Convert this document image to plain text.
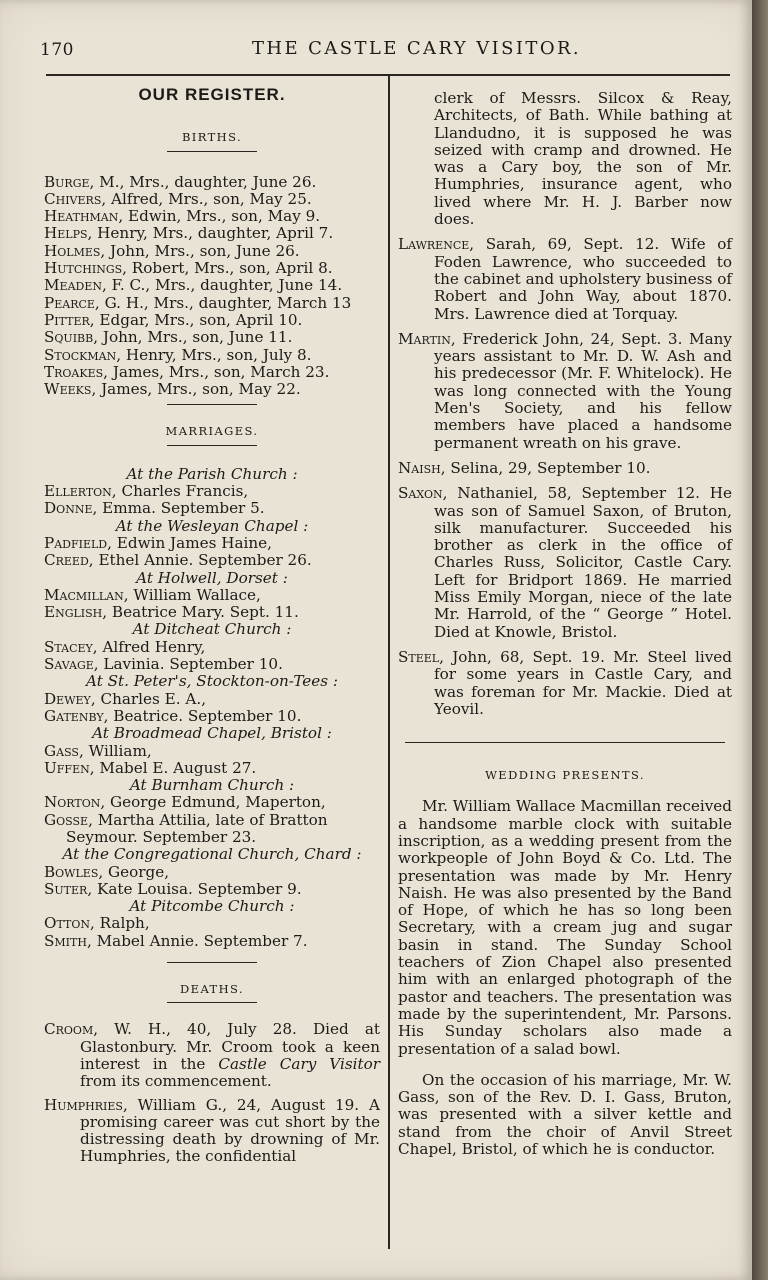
170	THE CASTLE CARY VISITOR.
OUR REGISTER.
BIRTHS.

Burge, M., Mrs., daughter, June 26.

Chivers, Alfred, Mrs., son, May 25.

Heathman, Edwin, Mrs., son, May 9.

Helps, Henry, Mrs., daughter, April 7.

Holmes, John, Mrs., son, June 26.

Hutchings, Robert, Mrs., son, April 8.

Meaden, F. C., Mrs., daughter, June 14.

Pearce, G. H., Mrs., daughter, March 13

Pitter, Edgar, Mrs., son, April 10.

Squibb, John, Mrs., son, June 11.

Stockman, Henry, Mrs., son, July 8.

Troakes, James, Mrs., son, March 23.

Weeks, James, Mrs., son, May 22.

MARRIAGES.

At the Parish Church :

Ellerton, Charles Francis,

Donne, Emma. September 5.

At the Wesleyan Chapel :

Padfield, Edwin James Haine,

Creed, Ethel Annie. September 26.

At Holwell, Dorset :

Macmillan, William Wallace,

English, Beatrice Mary. Sept. 11.

At Ditcheat Church :

Stacey, Alfred Henry,

Savage, Lavinia. September 10.

At St. Peter's, Stockton-on-Tees :

Dewey, Charles E. A.,

Gatenby, Beatrice. September 10.

At Broadmead Chapel, Bristol :

Gass, William,

Uffen, Mabel E. August 27.

At Burnham Church :

Norton, George Edmund, Maperton,

Gosse, Martha Attilia, late of Bratton Seymour. September 23.

At the Congregational Church, Chard :

Bowles, George,

Suter, Kate Louisa. September 9.

At Pitcombe Church :

Otton, Ralph,

Smith, Mabel Annie. September 7.

DEATHS.

Croom, W. H., 40, July 28. Died at Glastonbury. Mr. Croom took a keen interest in the Castle Cary Visitor from its commencement.

Humphries, William G., 24, August 19. A promising career was cut short by the distressing death by drowning of Mr. Humphries, the confidential

clerk of Messrs. Silcox & Reay, Architects, of Bath. While bathing at Llandudno, it is supposed he was seized with cramp and drowned. He was a Cary boy, the son of Mr. Humphries, insurance agent, who lived where Mr. H. J. Barber now does.

Lawrence, Sarah, 69, Sept. 12. Wife of Foden Lawrence, who succeeded to the cabinet and upholstery business of Robert and John Way, about 1870. Mrs. Lawrence died at Torquay.

Martin, Frederick John, 24, Sept. 3. Many years assistant to Mr. D. W. Ash and his predecessor (Mr. F. Whitelock). He was long connected with the Young Men's Society, and his fellow members have placed a handsome permanent wreath on his grave.

Naish, Selina, 29, September 10.

Saxon, Nathaniel, 58, September 12. He was son of Samuel Saxon, of Bruton, silk manufacturer. Succeeded his brother as clerk in the office of Charles Russ, Solicitor, Castle Cary. Left for Bridport 1869. He married Miss Emily Morgan, niece of the late Mr. Harrold, of the “ George ” Hotel. Died at Knowle, Bristol.

Steel, John, 68, Sept. 19. Mr. Steel lived for some years in Castle Cary, and was foreman for Mr. Mackie. Died at Yeovil.

WEDDING PRESENTS.

Mr. William Wallace Macmillan received a handsome marble clock with suitable inscription, as a wedding present from the workpeople of John Boyd & Co. Ltd. The presentation was made by Mr. Henry Naish. He was also presented by the Band of Hope, of which he has so long been Secretary, with a cream jug and sugar basin in stand. The Sunday School teachers of Zion Chapel also presented him with an enlarged photograph of the pastor and teachers. The presentation was made by the superintendent, Mr. Parsons. His Sunday scholars also made a presentation of a salad bowl.

On the occasion of his marriage, Mr. W. Gass, son of the Rev. D. I. Gass, Bruton, was presented with a silver kettle and stand from the choir of Anvil Street Chapel, Bristol, of which he is conductor.
